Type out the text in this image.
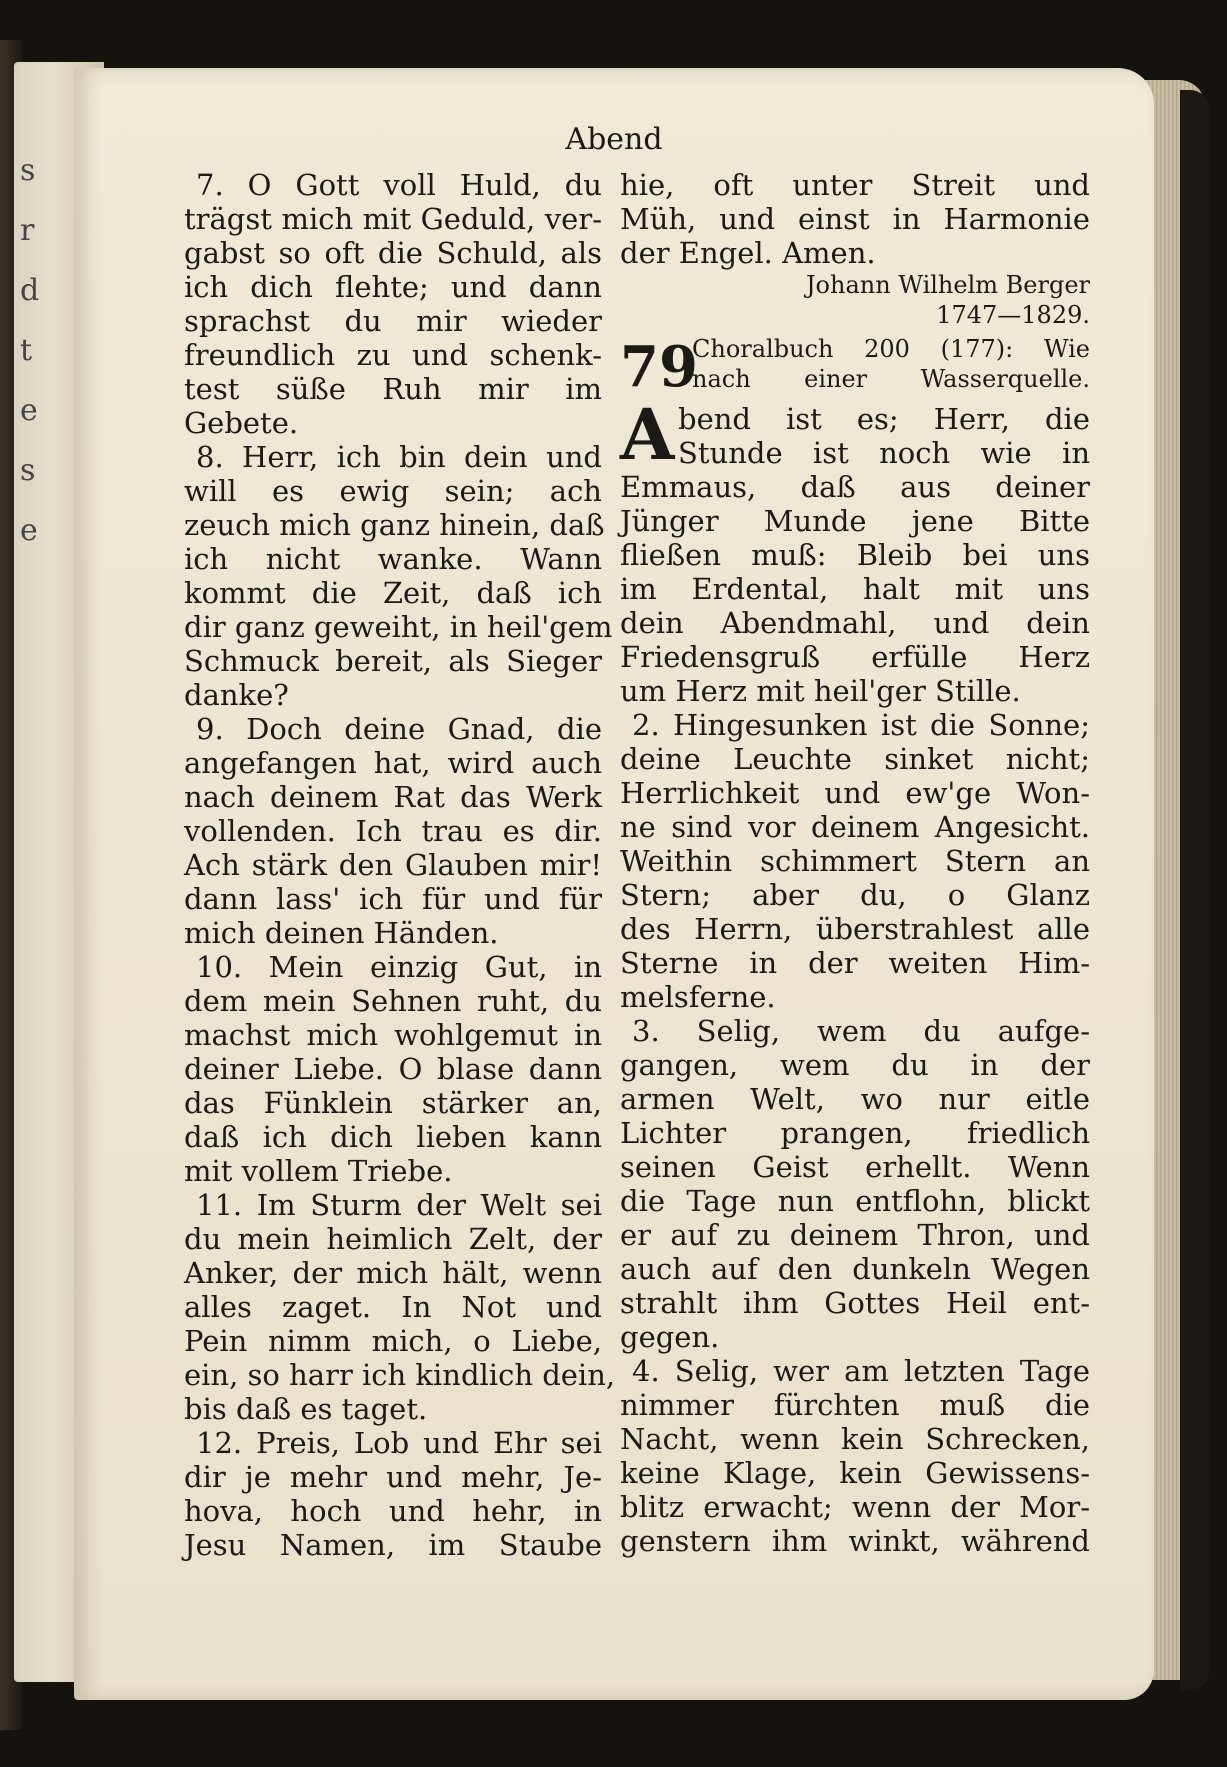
s
r
d
t
e
s
e
Abend
7. O Gott voll Huld, du
trägst mich mit Geduld, ver-
gabst so oft die Schuld, als
ich dich flehte; und dann
sprachst du mir wieder
freundlich zu und schenk-
test süße Ruh mir im
Gebete.
8. Herr, ich bin dein und
will es ewig sein; ach
zeuch mich ganz hinein, daß
ich nicht wanke. Wann
kommt die Zeit, daß ich
dir ganz geweiht, in heil'gem
Schmuck bereit, als Sieger
danke?
9. Doch deine Gnad, die
angefangen hat, wird auch
nach deinem Rat das Werk
vollenden. Ich trau es dir.
Ach stärk den Glauben mir!
dann lass' ich für und für
mich deinen Händen.
10. Mein einzig Gut, in
dem mein Sehnen ruht, du
machst mich wohlgemut in
deiner Liebe. O blase dann
das Fünklein stärker an,
daß ich dich lieben kann
mit vollem Triebe.
11. Im Sturm der Welt sei
du mein heimlich Zelt, der
Anker, der mich hält, wenn
alles zaget. In Not und
Pein nimm mich, o Liebe,
ein, so harr ich kindlich dein,
bis daß es taget.
12. Preis, Lob und Ehr sei
dir je mehr und mehr, Je-
hova, hoch und hehr, in
Jesu Namen, im Staube
hie, oft unter Streit und
Müh, und einst in Harmonie
der Engel. Amen.
Johann Wilhelm Berger
1747—1829.
79
Choralbuch 200 (177): Wie
nach einer Wasserquelle.
A bend ist es; Herr, die
Stunde ist noch wie in
Emmaus, daß aus deiner
Jünger Munde jene Bitte
fließen muß: Bleib bei uns
im Erdental, halt mit uns
dein Abendmahl, und dein
Friedensgruß erfülle Herz
um Herz mit heil'ger Stille.
2. Hingesunken ist die Sonne;
deine Leuchte sinket nicht;
Herrlichkeit und ew'ge Won-
ne sind vor deinem Angesicht.
Weithin schimmert Stern an
Stern; aber du, o Glanz
des Herrn, überstrahlest alle
Sterne in der weiten Him-
melsferne.
3. Selig, wem du aufge-
gangen, wem du in der
armen Welt, wo nur eitle
Lichter prangen, friedlich
seinen Geist erhellt. Wenn
die Tage nun entflohn, blickt
er auf zu deinem Thron, und
auch auf den dunkeln Wegen
strahlt ihm Gottes Heil ent-
gegen.
4. Selig, wer am letzten Tage
nimmer fürchten muß die
Nacht, wenn kein Schrecken,
keine Klage, kein Gewissens-
blitz erwacht; wenn der Mor-
genstern ihm winkt, während
